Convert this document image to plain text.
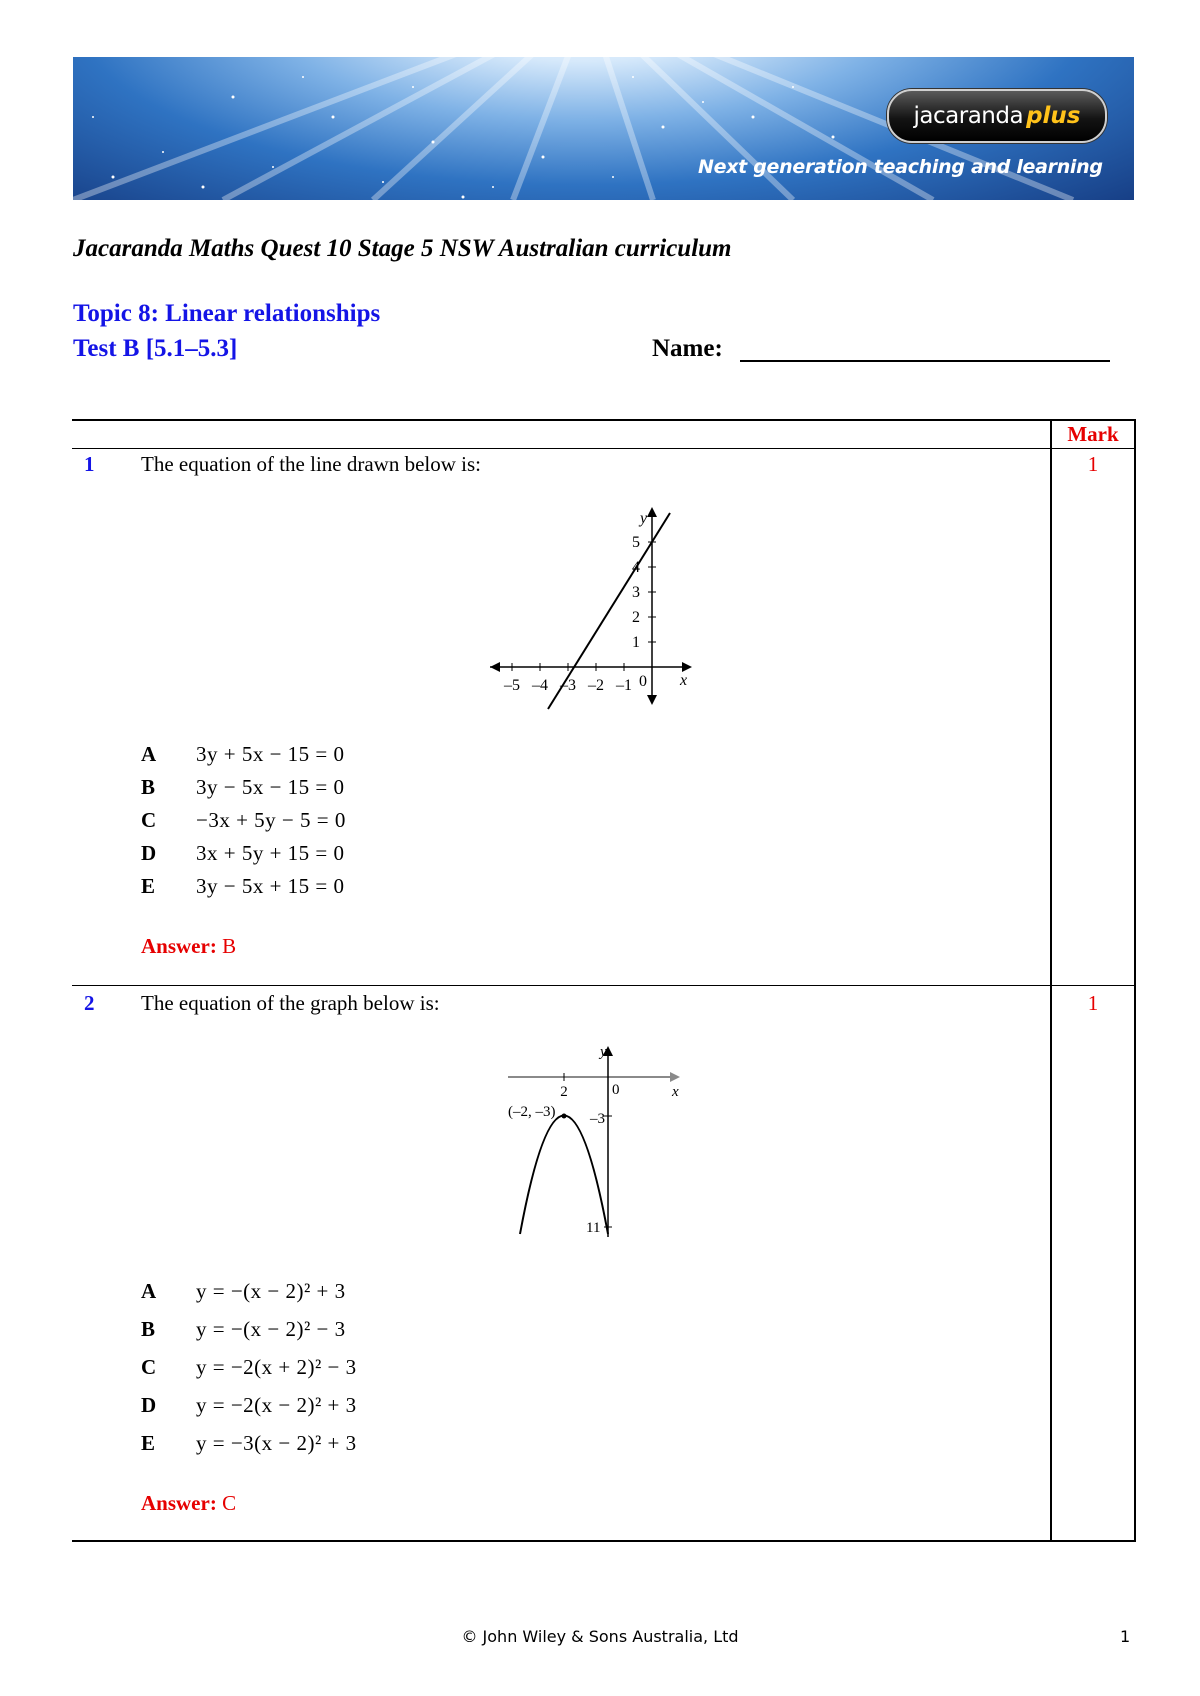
jacaranda plus
Next generation teaching and learning
Jacaranda Maths Quest 10 Stage 5 NSW Australian curriculum
Topic 8: Linear relationships
Test B [5.1–5.3]	Name:
Mark
1 The equation of the line drawn below is:	1
–5 –4 –3 –2 –1 0 x
1
2
3
4
5
y
A	3y + 5x − 15 = 0
B	3y − 5x − 15 = 0
C	−3x + 5y − 5 = 0
D	3x + 5y + 15 = 0
E	3y − 5x + 15 = 0
Answer: B
2 The equation of the graph below is:	1
y
x
2	0
–3
11
(–2, –3)
A	y = −(x − 2)² + 3
B	y = −(x − 2)² − 3
C	y = −2(x + 2)² − 3
D	y = −2(x − 2)² + 3
E	y = −3(x − 2)² + 3
Answer: C
© John Wiley & Sons Australia, Ltd	1
